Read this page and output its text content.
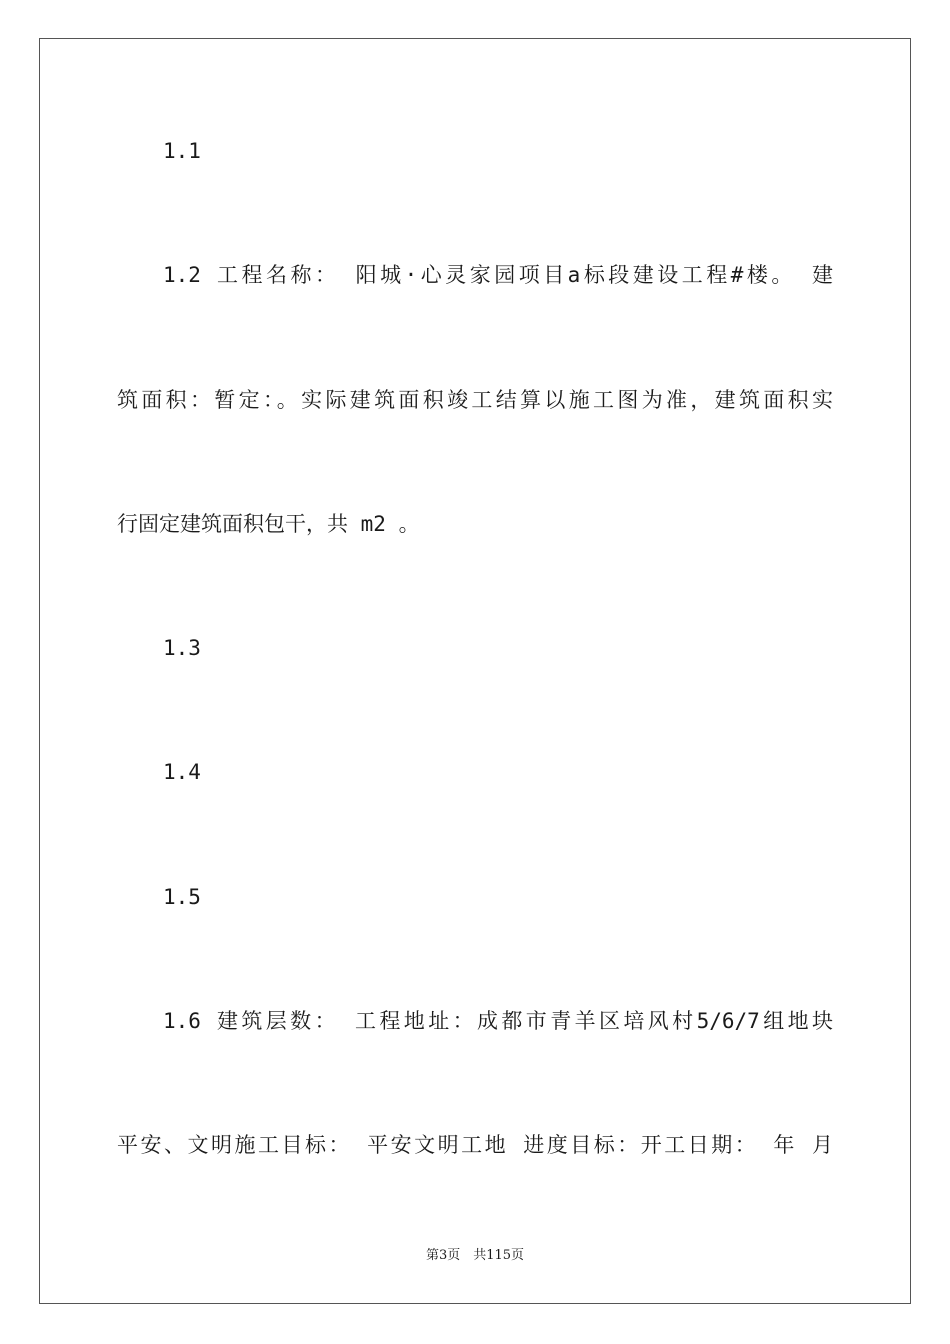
1.1
1.2 工程名称： 阳城·心灵家园项目a标段建设工程#楼。 建
筑面积：暂定：。实际建筑面积竣工结算以施工图为准，建筑面积实
行固定建筑面积包干，共 m2 。
1.3
1.4
1.5
1.6 建筑层数： 工程地址：成都市青羊区培风村5/6/7组地块
平安、文明施工目标： 平安文明工地 进度目标：开工日期： 年 月
第3页　共115页
